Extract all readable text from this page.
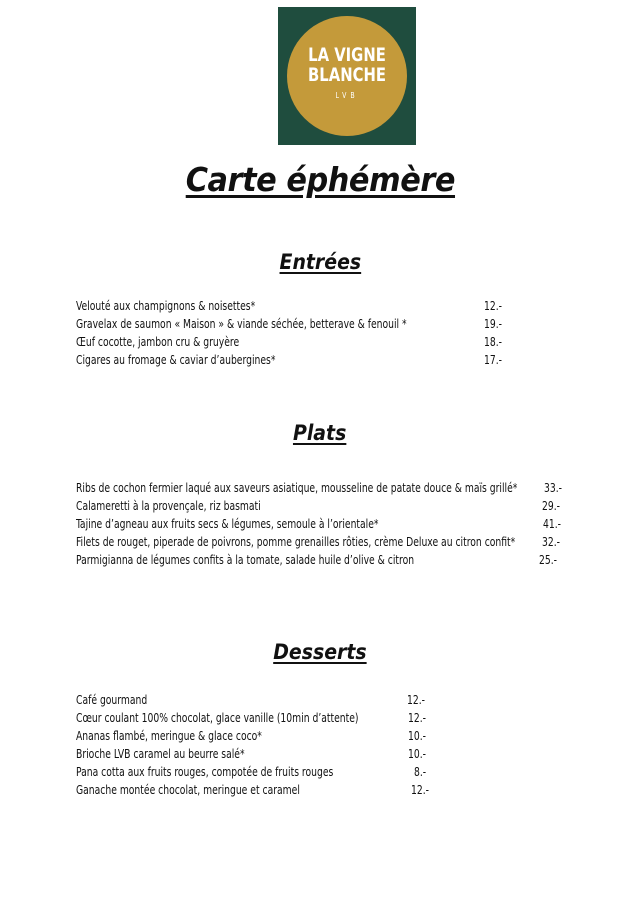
LA VIGNE
BLANCHE
LVB
Carte éphémère
Entrées
Velouté aux champignons & noisettes*	12.-
Gravelax de saumon « Maison » & viande séchée, betterave & fenouil *	19.-
Œuf cocotte, jambon cru & gruyère	18.-
Cigares au fromage & caviar d’aubergines*	17.-
Plats
Ribs de cochon fermier laqué aux saveurs asiatique, mousseline de patate douce & maïs grillé* 33.-
Calameretti à la provençale, riz basmati	29.-
Tajine d’agneau aux fruits secs & légumes, semoule à l’orientale*	41.-
Filets de rouget, piperade de poivrons, pomme grenailles rôties, crème Deluxe au citron confit* 32.-
Parmigianna de légumes confits à la tomate, salade huile d’olive & citron	25.-
Desserts
Café gourmand	12.-
Cœur coulant 100% chocolat, glace vanille (10min d’attente)	12.-
Ananas flambé, meringue & glace coco*	10.-
Brioche LVB caramel au beurre salé*	10.-
Pana cotta aux fruits rouges, compotée de fruits rouges	8.-
Ganache montée chocolat, meringue et caramel	12.-
